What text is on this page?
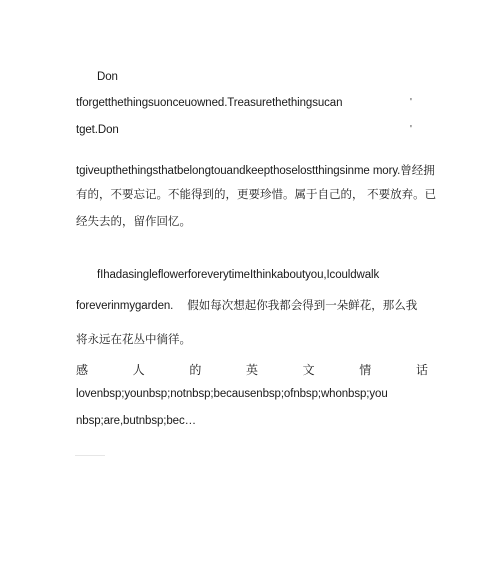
Don
tforgetthethingsuonceuowned.Treasurethethingsucan	'
tget.Don	'
tgiveupthethingsthatbelongtouandkeepthoselostthingsinme mory.曾经拥
有的，不要忘记。不能得到的，更要珍惜。属于自己的， 不要放弃。已
经失去的，留作回忆。
fIhadasingleflowerforeverytimeIthinkaboutyou,Icouldwalk
foreverinmygarden. 假如每次想起你我都会得到一朵鲜花，那么我
将永远在花丛中徜徉。
感	人	的	英	文	情	话
lovenbsp;younbsp;notnbsp;becausenbsp;ofnbsp;whonbsp;you
nbsp;are,butnbsp;bec…
